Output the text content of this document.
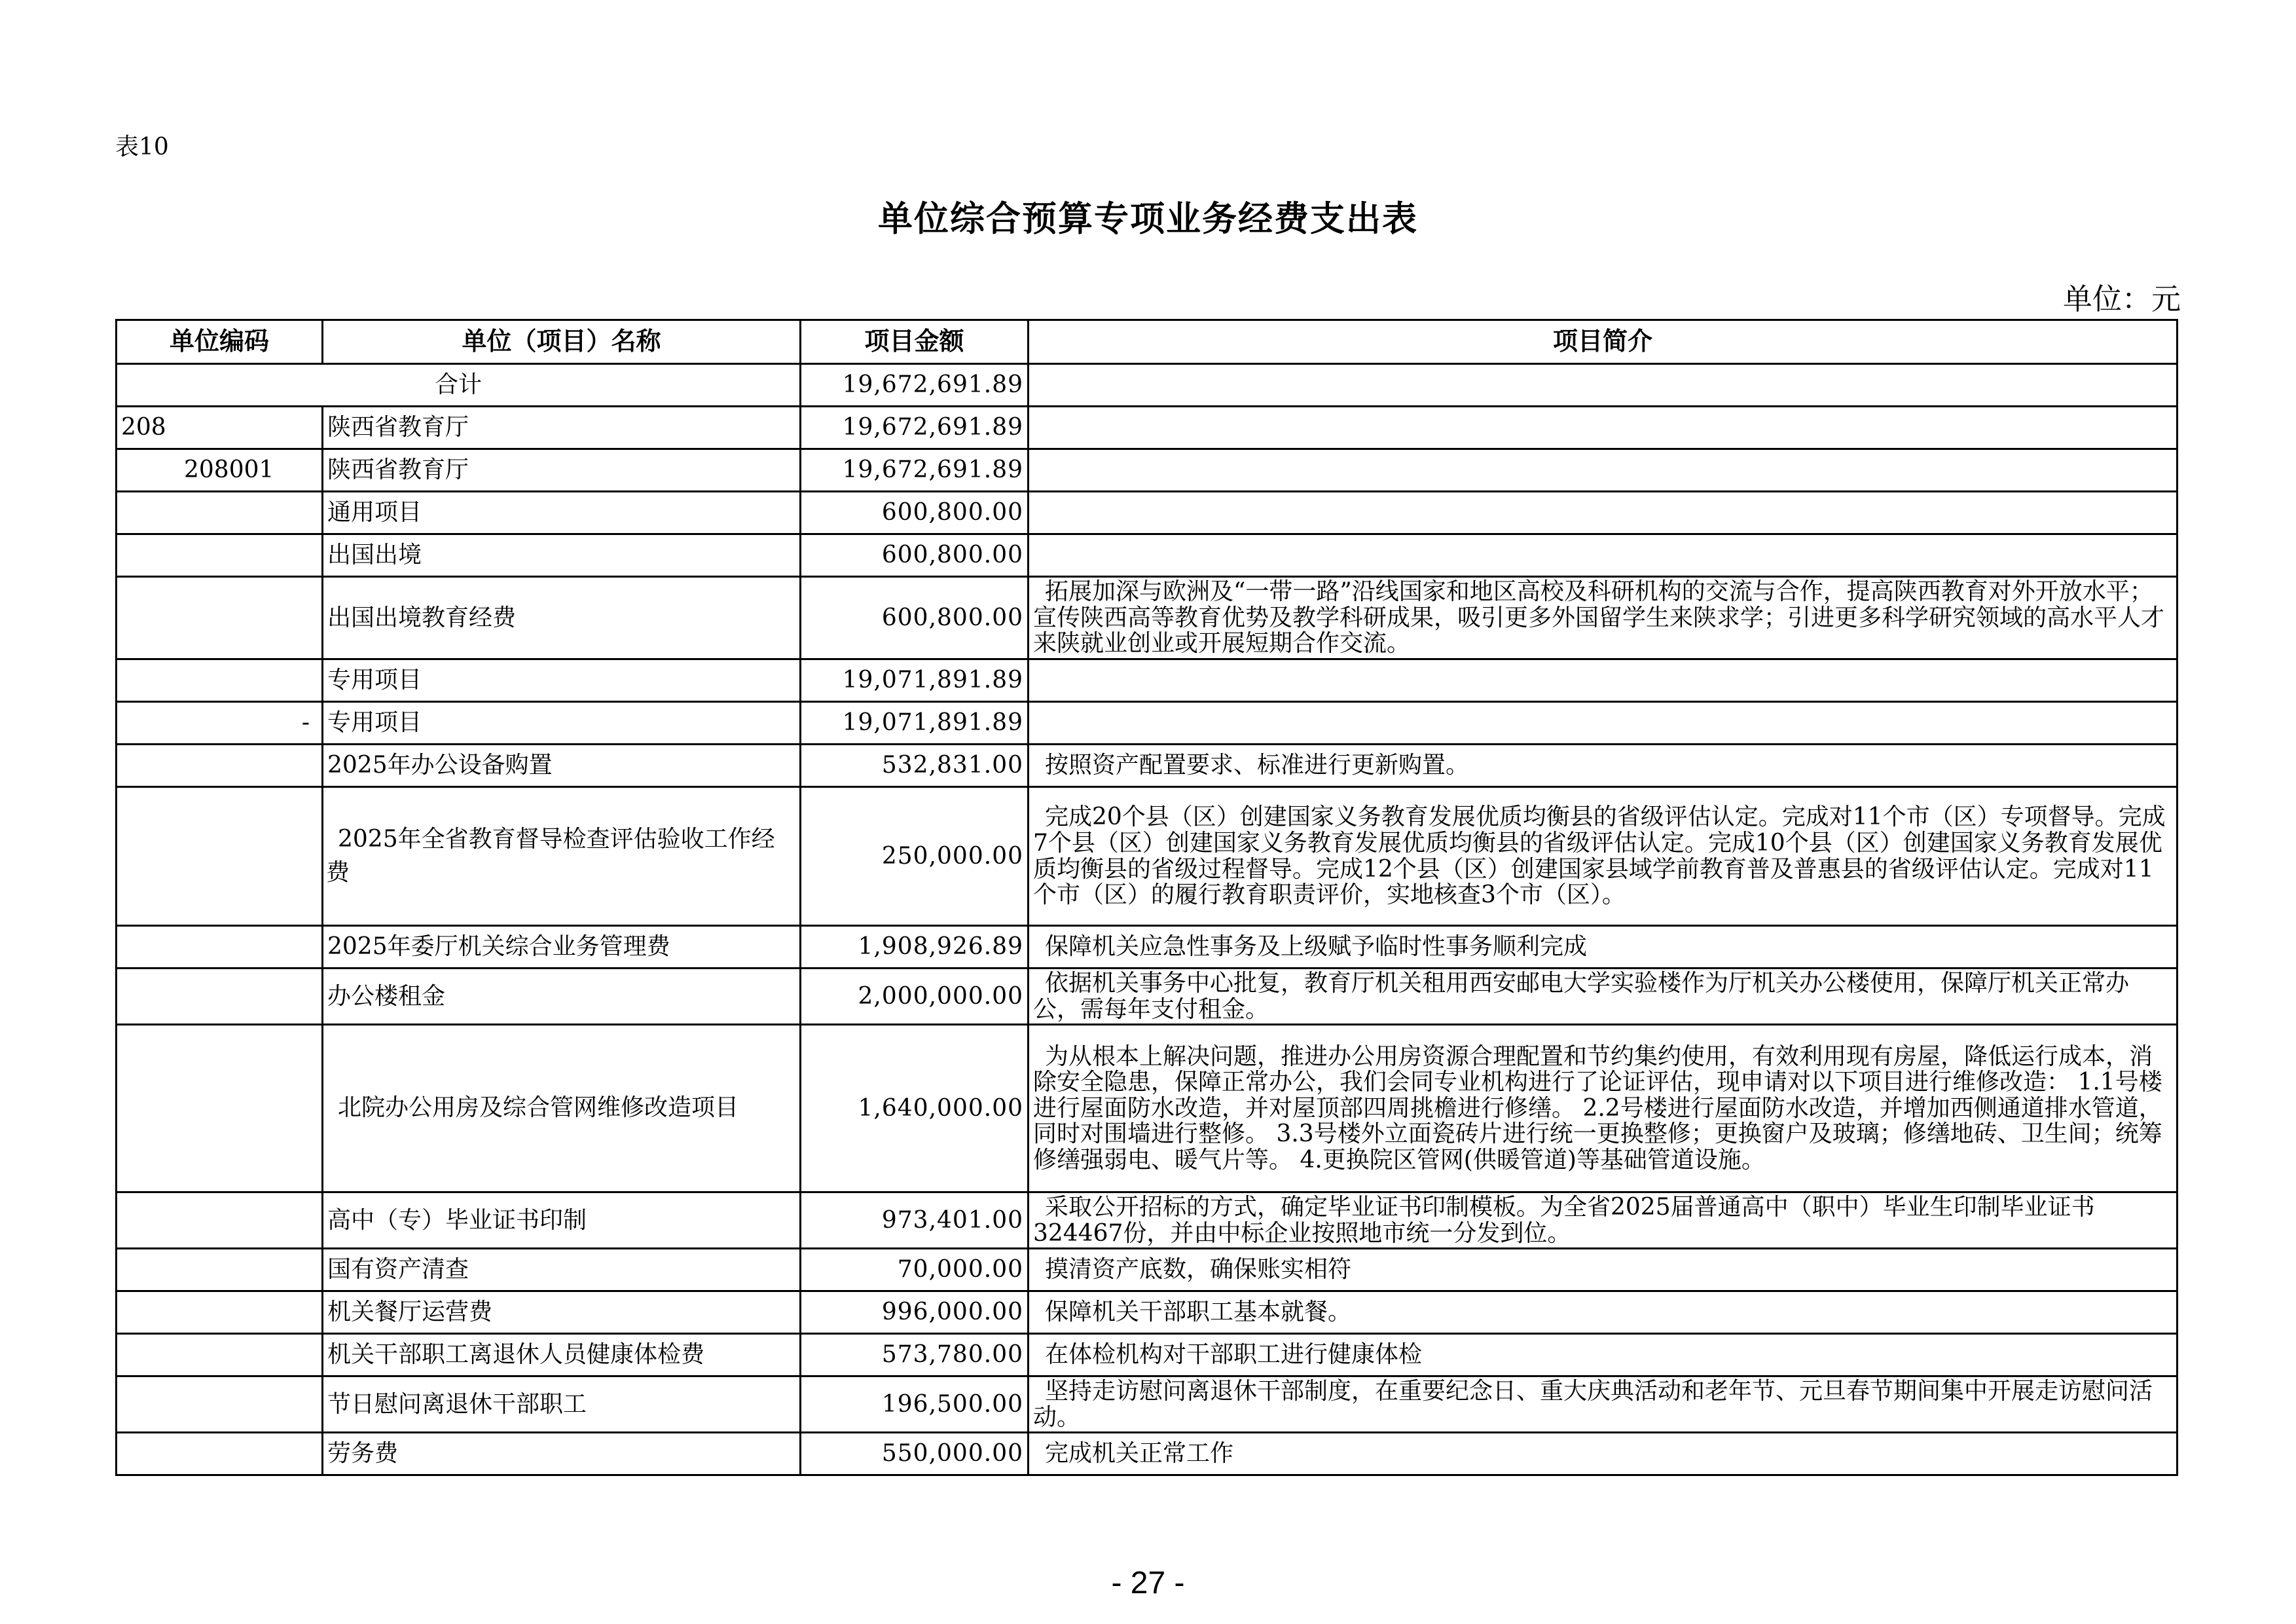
表10
单位综合预算专项业务经费支出表
单位：元
单位编码	单位（项目）名称	项目金额	项目简介
合计		19,672,691.89	
208	陕西省教育厅	19,672,691.89	
208001	陕西省教育厅	19,672,691.89	
	通用项目	600,800.00	
	出国出境	600,800.00	
	出国出境教育经费	600,800.00	拓展加深与欧洲及“一带一路”沿线国家和地区高校及科研机构的交流与合作，提高陕西教育对外开放水平；宣传陕西高等教育优势及教学科研成果，吸引更多外国留学生来陕求学；引进更多科学研究领域的高水平人才来陕就业创业或开展短期合作交流。
	专用项目	19,071,891.89	
-	专用项目	19,071,891.89	
	2025年办公设备购置	532,831.00	按照资产配置要求、标准进行更新购置。
	2025年全省教育督导检查评估验收工作经费	250,000.00	完成20个县（区）创建国家义务教育发展优质均衡县的省级评估认定。完成对11个市（区）专项督导。完成7个县（区）创建国家义务教育发展优质均衡县的省级评估认定。完成10个县（区）创建国家义务教育发展优质均衡县的省级过程督导。完成12个县（区）创建国家县域学前教育普及普惠县的省级评估认定。完成对11个市（区）的履行教育职责评价，实地核查3个市（区）。
	2025年委厅机关综合业务管理费	1,908,926.89	保障机关应急性事务及上级赋予临时性事务顺利完成
	办公楼租金	2,000,000.00	依据机关事务中心批复，教育厅机关租用西安邮电大学实验楼作为厅机关办公楼使用，保障厅机关正常办公，需每年支付租金。
	北院办公用房及综合管网维修改造项目	1,640,000.00	为从根本上解决问题，推进办公用房资源合理配置和节约集约使用，有效利用现有房屋，降低运行成本，消除安全隐患，保障正常办公，我们会同专业机构进行了论证评估，现申请对以下项目进行维修改造： 1.1号楼进行屋面防水改造，并对屋顶部四周挑檐进行修缮。 2.2号楼进行屋面防水改造，并增加西侧通道排水管道，同时对围墙进行整修。 3.3号楼外立面瓷砖片进行统一更换整修；更换窗户及玻璃；修缮地砖、卫生间；统筹修缮强弱电、暖气片等。 4.更换院区管网(供暖管道)等基础管道设施。
	高中（专）毕业证书印制	973,401.00	采取公开招标的方式，确定毕业证书印制模板。为全省2025届普通高中（职中）毕业生印制毕业证书324467份，并由中标企业按照地市统一分发到位。
	国有资产清查	70,000.00	摸清资产底数，确保账实相符
	机关餐厅运营费	996,000.00	保障机关干部职工基本就餐。
	机关干部职工离退休人员健康体检费	573,780.00	在体检机构对干部职工进行健康体检
	节日慰问离退休干部职工	196,500.00	坚持走访慰问离退休干部制度，在重要纪念日、重大庆典活动和老年节、元旦春节期间集中开展走访慰问活动。
	劳务费	550,000.00	完成机关正常工作
- 27 -
